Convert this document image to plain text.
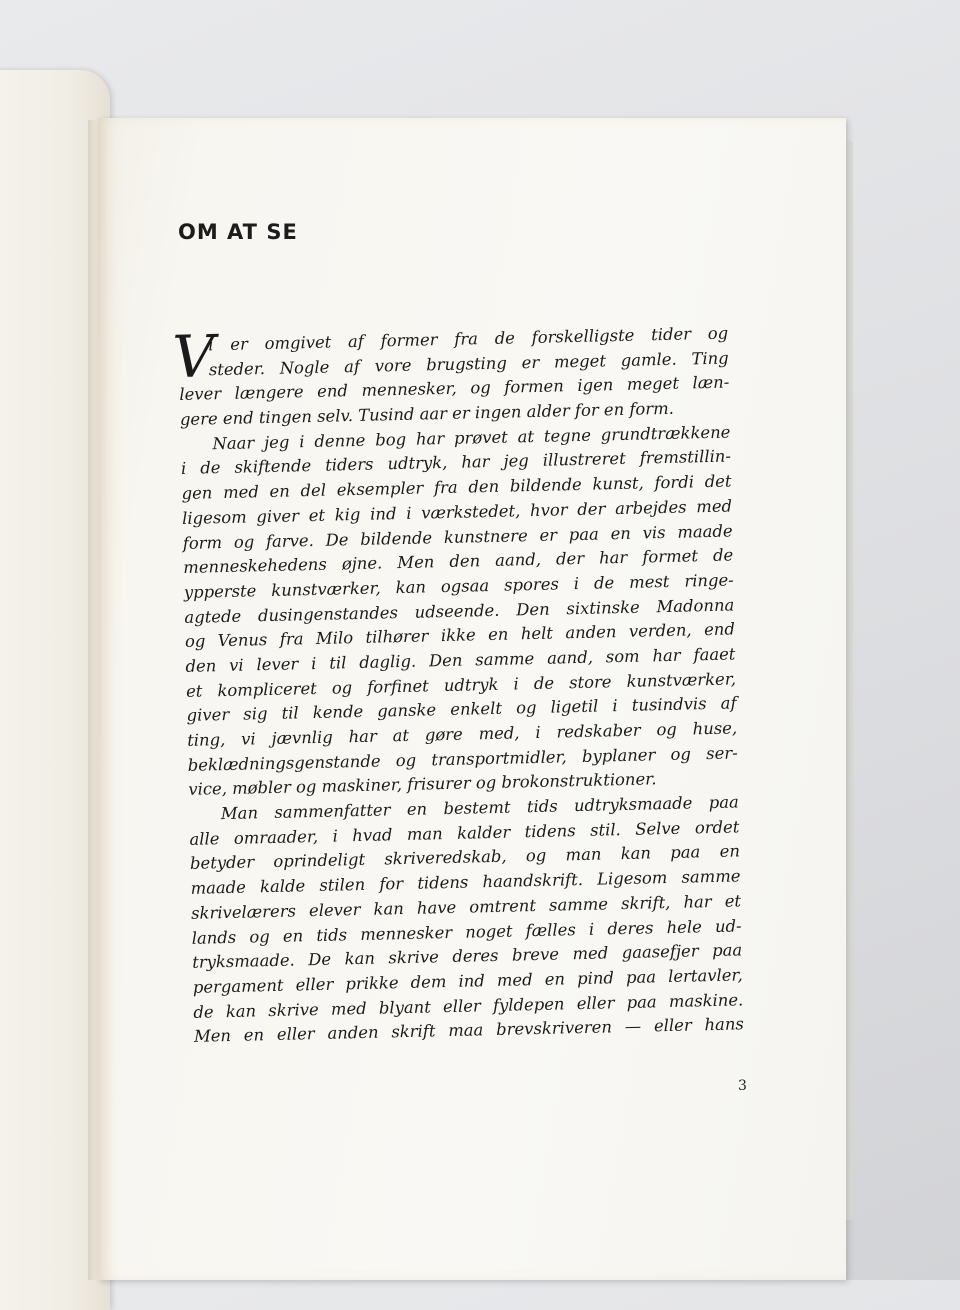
OM AT SE
V
i er omgivet af former fra de forskelligste tider og
steder. Nogle af vore brugsting er meget gamle. Ting
lever længere end mennesker, og formen igen meget læn-
gere end tingen selv. Tusind aar er ingen alder for en form.
Naar jeg i denne bog har prøvet at tegne grundtrækkene
i de skiftende tiders udtryk, har jeg illustreret fremstillin-
gen med en del eksempler fra den bildende kunst, fordi det
ligesom giver et kig ind i værkstedet, hvor der arbejdes med
form og farve. De bildende kunstnere er paa en vis maade
menneskehedens øjne. Men den aand, der har formet de
ypperste kunstværker, kan ogsaa spores i de mest ringe-
agtede dusingenstandes udseende. Den sixtinske Madonna
og Venus fra Milo tilhører ikke en helt anden verden, end
den vi lever i til daglig. Den samme aand, som har faaet
et kompliceret og forfinet udtryk i de store kunstværker,
giver sig til kende ganske enkelt og ligetil i tusindvis af
ting, vi jævnlig har at gøre med, i redskaber og huse,
beklædningsgenstande og transportmidler, byplaner og ser-
vice, møbler og maskiner, frisurer og brokonstruktioner.
Man sammenfatter en bestemt tids udtryksmaade paa
alle omraader, i hvad man kalder tidens stil. Selve ordet
betyder oprindeligt skriveredskab, og man kan paa en
maade kalde stilen for tidens haandskrift. Ligesom samme
skrivelærers elever kan have omtrent samme skrift, har et
lands og en tids mennesker noget fælles i deres hele ud-
tryksmaade. De kan skrive deres breve med gaasefjer paa
pergament eller prikke dem ind med en pind paa lertavler,
de kan skrive med blyant eller fyldepen eller paa maskine.
Men en eller anden skrift maa brevskriveren — eller hans
3
